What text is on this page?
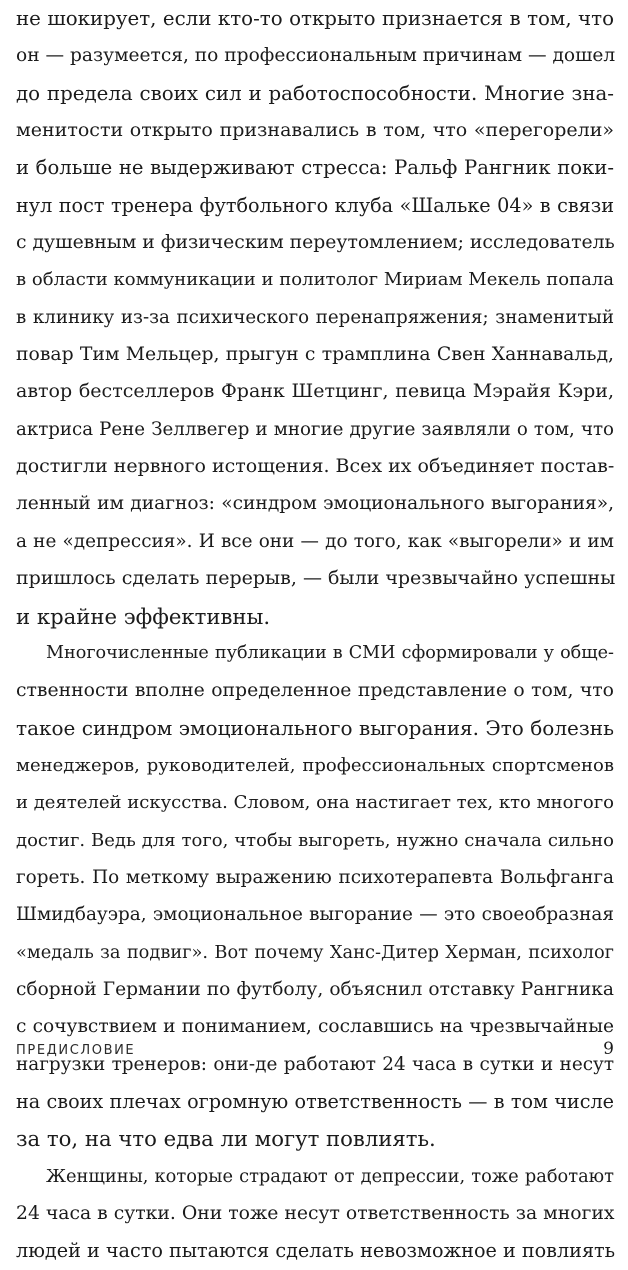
не шокирует, если кто-то открыто признается в том, что
он — разумеется, по профессиональным причинам — дошел
до предела своих сил и работоспособности. Многие зна-
менитости открыто признавались в том, что «перегорели»
и больше не выдерживают стресса: Ральф Рангник поки-
нул пост тренера футбольного клуба «Шальке 04» в связи
с душевным и физическим переутомлением; исследователь
в области коммуникации и политолог Мириам Мекель попала
в клинику из-за психического перенапряжения; знаменитый
повар Тим Мельцер, прыгун с трамплина Свен Ханнавальд,
автор бестселлеров Франк Шетцинг, певица Мэрайя Кэри,
актриса Рене Зеллвегер и многие другие заявляли о том, что
достигли нервного истощения. Всех их объединяет постав-
ленный им диагноз: «синдром эмоционального выгорания»,
а не «депрессия». И все они — до того, как «выгорели» и им
пришлось сделать перерыв, — были чрезвычайно успешны
и крайне эффективны.
Многочисленные публикации в СМИ сформировали у обще-
ственности вполне определенное представление о том, что
такое синдром эмоционального выгорания. Это болезнь
менеджеров, руководителей, профессиональных спортсменов
и деятелей искусства. Словом, она настигает тех, кто многого
достиг. Ведь для того, чтобы выгореть, нужно сначала сильно
гореть. По меткому выражению психотерапевта Вольфганга
Шмидбауэра, эмоциональное выгорание — это своеобразная
«медаль за подвиг». Вот почему Ханс-Дитер Херман, психолог
сборной Германии по футболу, объяснил отставку Рангника
с сочувствием и пониманием, сославшись на чрезвычайные
нагрузки тренеров: они-де работают 24 часа в сутки и несут
на своих плечах огромную ответственность — в том числе
за то, на что едва ли могут повлиять.
Женщины, которые страдают от депрессии, тоже работают
24 часа в сутки. Они тоже несут ответственность за многих
людей и часто пытаются сделать невозможное и повлиять
ПРЕДИСЛОВИЕ	9
